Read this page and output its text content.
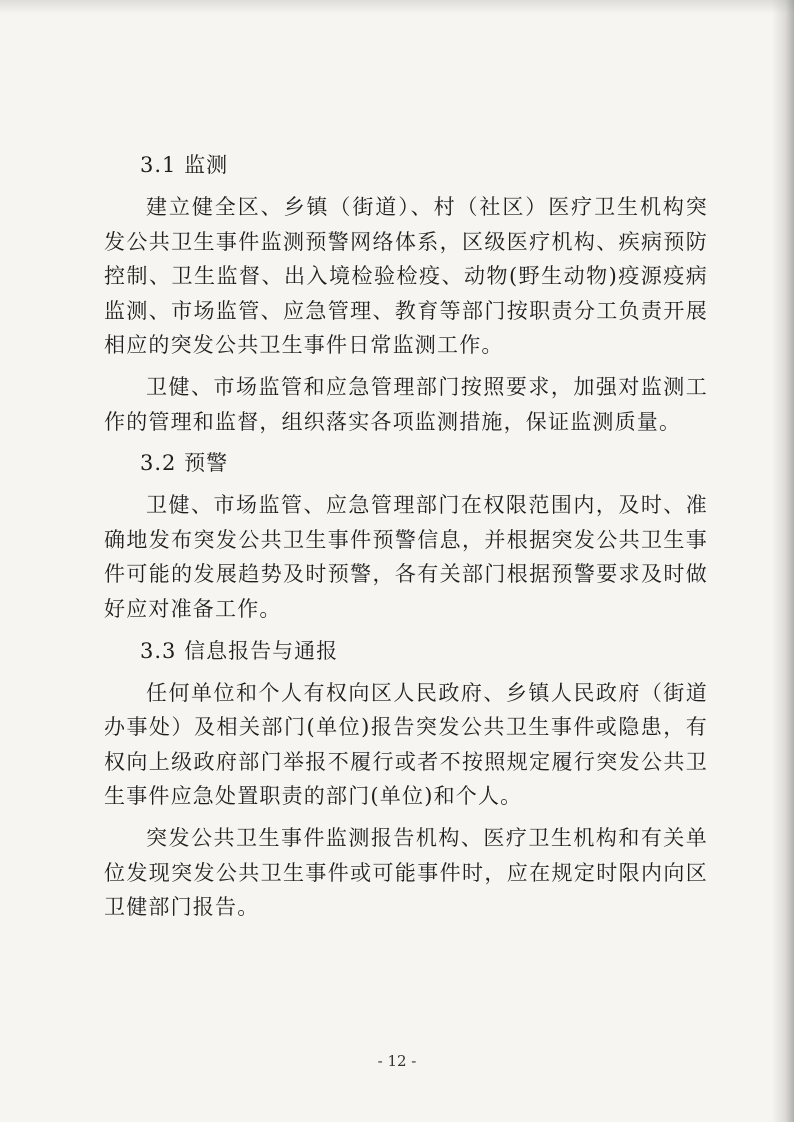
3.1 监测

建立健全区、乡镇（街道）、村（社区）医疗卫生机构突发公共卫生事件监测预警网络体系，区级医疗机构、疾病预防控制、卫生监督、出入境检验检疫、动物(野生动物)疫源疫病监测、市场监管、应急管理、教育等部门按职责分工负责开展相应的突发公共卫生事件日常监测工作。

卫健、市场监管和应急管理部门按照要求，加强对监测工作的管理和监督，组织落实各项监测措施，保证监测质量。

3.2 预警

卫健、市场监管、应急管理部门在权限范围内，及时、准确地发布突发公共卫生事件预警信息，并根据突发公共卫生事件可能的发展趋势及时预警，各有关部门根据预警要求及时做好应对准备工作。

3.3 信息报告与通报

任何单位和个人有权向区人民政府、乡镇人民政府（街道办事处）及相关部门(单位)报告突发公共卫生事件或隐患，有权向上级政府部门举报不履行或者不按照规定履行突发公共卫生事件应急处置职责的部门(单位)和个人。

突发公共卫生事件监测报告机构、医疗卫生机构和有关单位发现突发公共卫生事件或可能事件时，应在规定时限内向区卫健部门报告。

- 12 -
